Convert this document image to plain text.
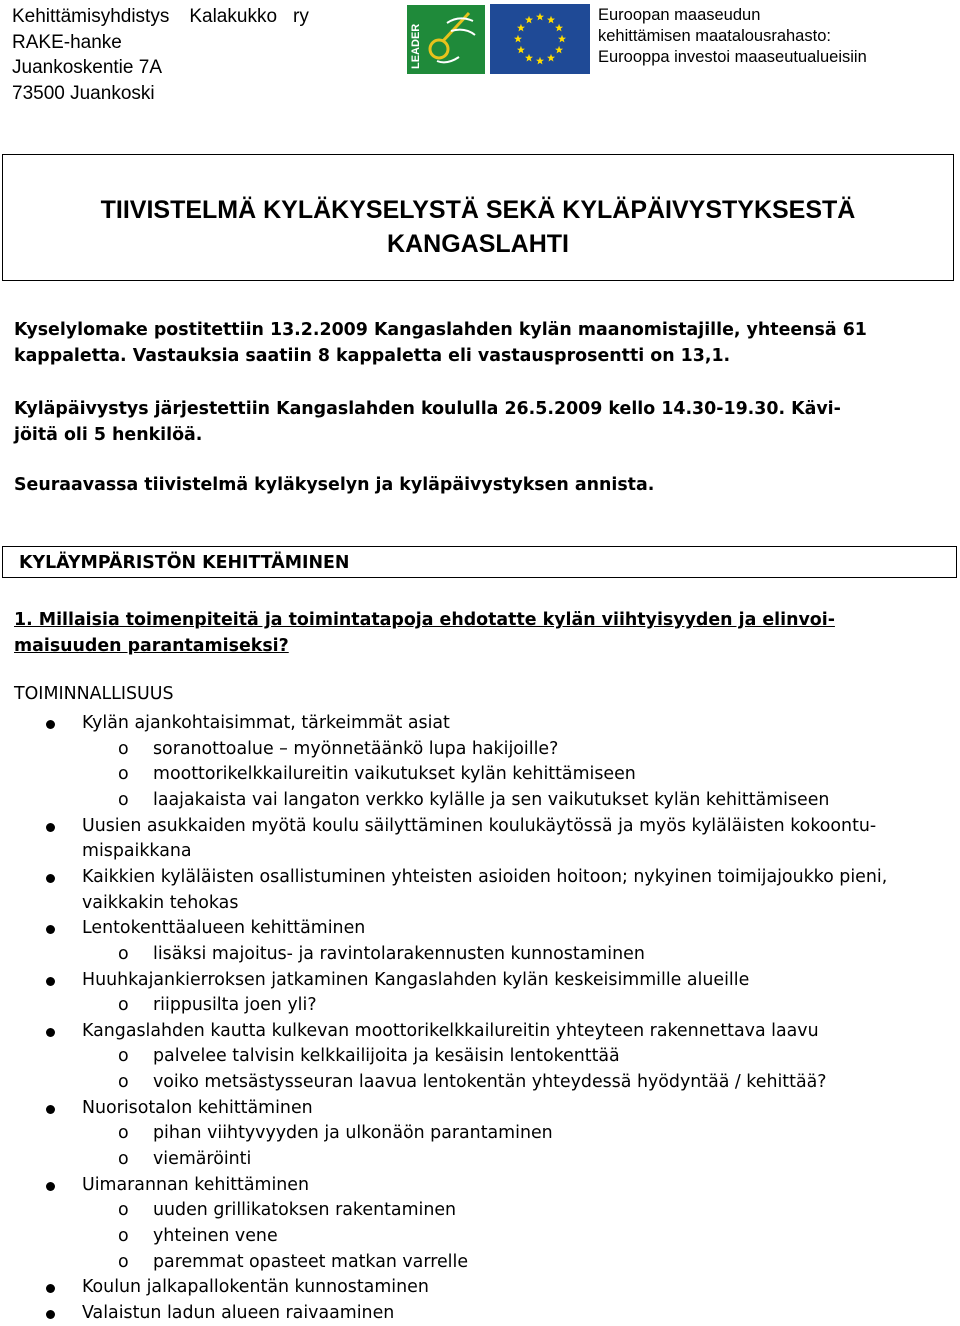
Kehittämisyhdistys Kalakukko ry
RAKE-hanke
Juankoskentie 7A
73500 Juankoski
LEADER
Euroopan maaseudun
kehittämisen maatalousrahasto:
Eurooppa investoi maaseutualueisiin
TIIVISTELMÄ KYLÄKYSELYSTÄ SEKÄ KYLÄPÄIVYSTYKSESTÄ
KANGASLAHTI
Kyselylomake postitettiin 13.2.2009 Kangaslahden kylän maanomistajille, yhteensä 61
kappaletta. Vastauksia saatiin 8 kappaletta eli vastausprosentti on 13,1.
Kyläpäivystys järjestettiin Kangaslahden koululla 26.5.2009 kello 14.30-19.30. Kävi-
jöitä oli 5 henkilöä.
Seuraavassa tiivistelmä kyläkyselyn ja kyläpäivystyksen annista.
KYLÄYMPÄRISTÖN KEHITTÄMINEN
1. Millaisia toimenpiteitä ja toimintatapoja ehdotatte kylän viihtyisyyden ja elinvoi-
maisuuden parantamiseksi?
TOIMINNALLISUUS
Kylän ajankohtaisimmat, tärkeimmät asiat
o soranottoalue – myönnetäänkö lupa hakijoille?
o moottorikelkkailureitin vaikutukset kylän kehittämiseen
o laajakaista vai langaton verkko kylälle ja sen vaikutukset kylän kehittämiseen
Uusien asukkaiden myötä koulu säilyttäminen koulukäytössä ja myös kyläläisten kokoontu-
mispaikkana
Kaikkien kyläläisten osallistuminen yhteisten asioiden hoitoon; nykyinen toimijajoukko pieni,
vaikkakin tehokas
Lentokenttäalueen kehittäminen
o lisäksi majoitus- ja ravintolarakennusten kunnostaminen
Huuhkajankierroksen jatkaminen Kangaslahden kylän keskeisimmille alueille
o riippusilta joen yli?
Kangaslahden kautta kulkevan moottorikelkkailureitin yhteyteen rakennettava laavu
o palvelee talvisin kelkkailijoita ja kesäisin lentokenttää
o voiko metsästysseuran laavua lentokentän yhteydessä hyödyntää / kehittää?
Nuorisotalon kehittäminen
o pihan viihtyvyyden ja ulkonäön parantaminen
o viemäröinti
Uimarannan kehittäminen
o uuden grillikatoksen rakentaminen
o yhteinen vene
o paremmat opasteet matkan varrelle
Koulun jalkapallokentän kunnostaminen
Valaistun ladun alueen raivaaminen
